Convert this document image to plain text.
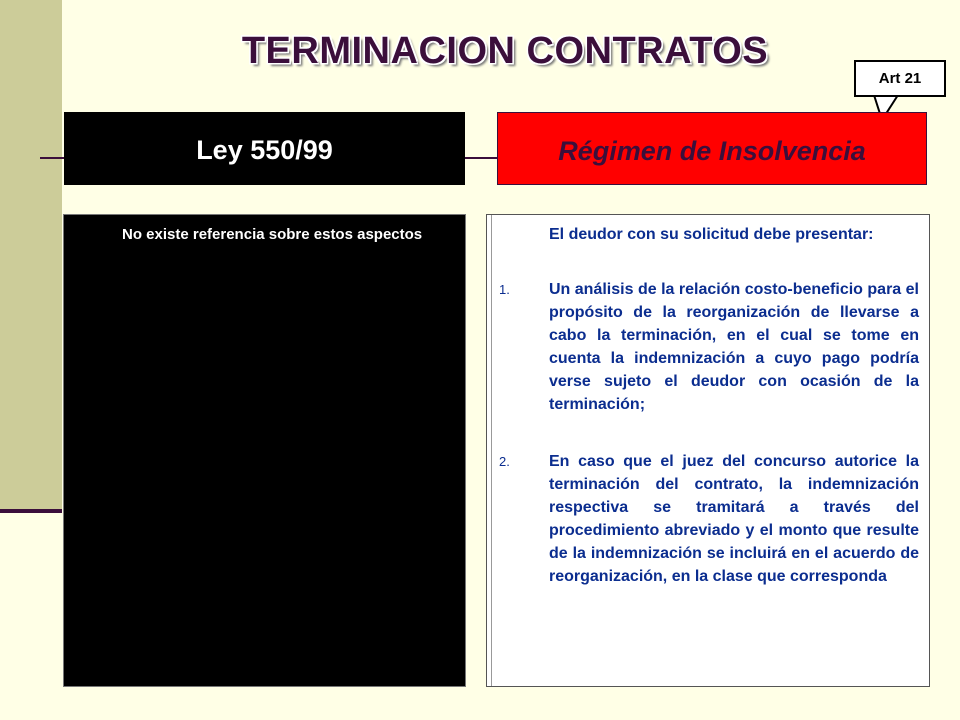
TERMINACION CONTRATOS
Art 21
Ley 550/99	Régimen de Insolvencia
No existe referencia sobre estos aspectos	El deudor con su solicitud debe presentar:
1. Un análisis de la relación costo-beneficio para el propósito de la reorganización de llevarse a cabo la terminación, en el cual se tome en cuenta la indemnización a cuyo pago podría verse sujeto el deudor con ocasión de la terminación;
2. En caso que el juez del concurso autorice la terminación del contrato, la indemnización respectiva se tramitará a través del procedimiento abreviado y el monto que resulte de la indemnización se incluirá en el acuerdo de reorganización, en la clase que corresponda
